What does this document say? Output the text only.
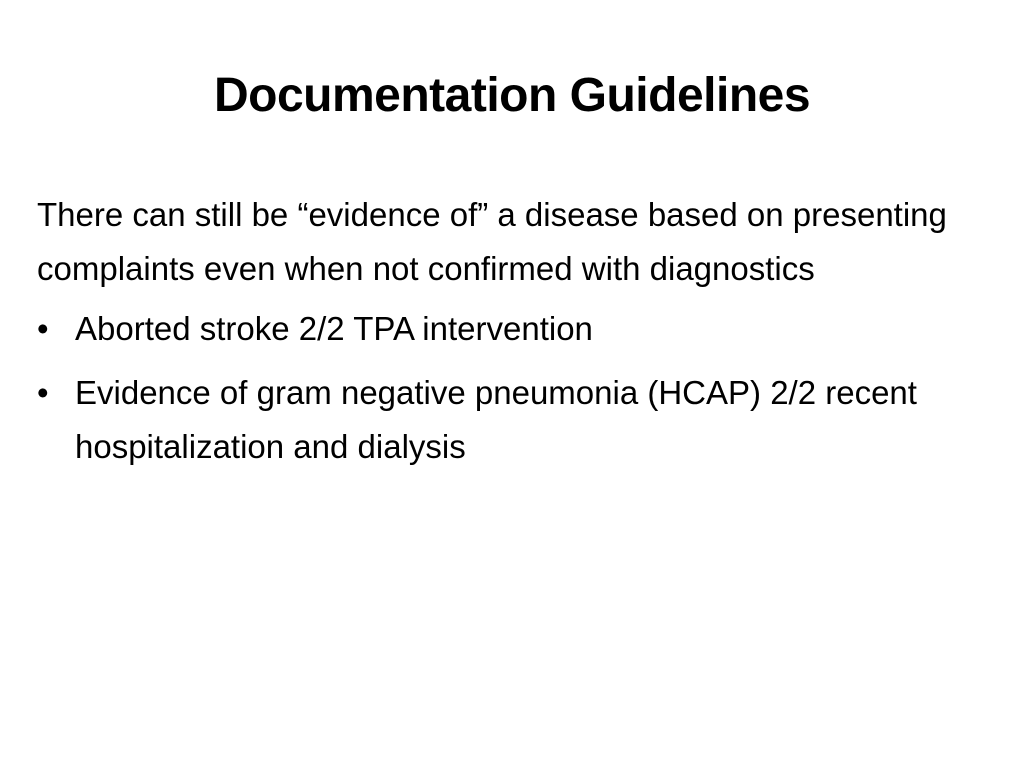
Documentation Guidelines

There can still be “evidence of” a disease based on presenting complaints even when not confirmed with diagnostics

• Aborted stroke 2/2 TPA intervention
• Evidence of gram negative pneumonia (HCAP) 2/2 recent hospitalization and dialysis
